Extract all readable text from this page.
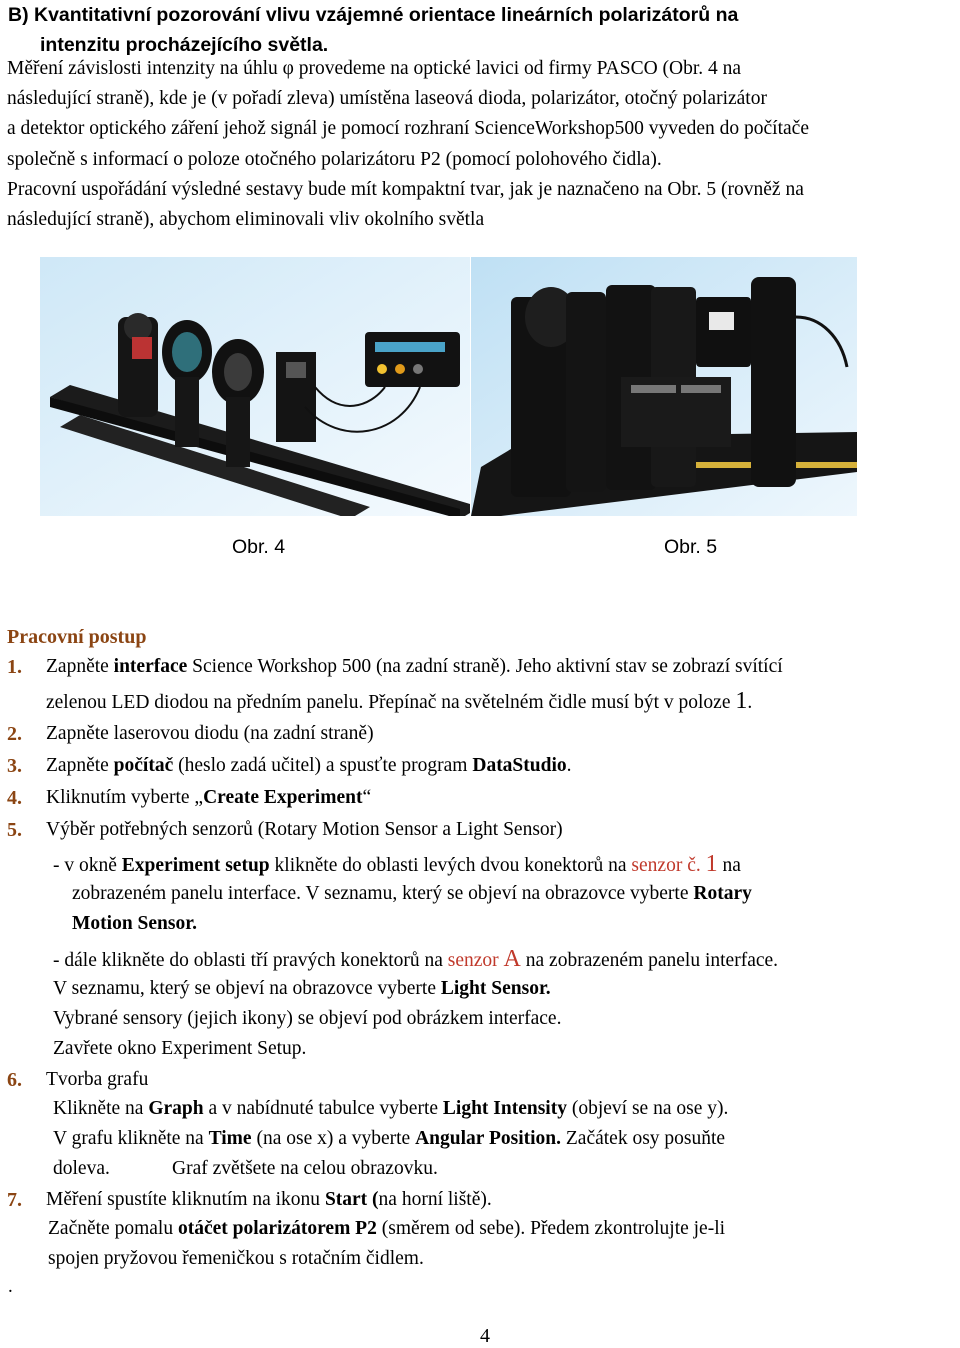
B) Kvantitativní pozorování vlivu vzájemné orientace lineárních polarizátorů na
intenzitu procházejícího světla.

Měření závislosti intenzity na úhlu φ provedeme na optické lavici od firmy PASCO (Obr. 4 na

následující straně), kde je (v pořadí zleva) umístěna laseová dioda, polarizátor, otočný polarizátor

a detektor optického záření jehož signál je pomocí rozhraní ScienceWorkshop500 vyveden do počítače

společně s informací o poloze otočného polarizátoru P2 (pomocí polohového čidla).

Pracovní uspořádání výsledné sestavy bude mít kompaktní tvar, jak je naznačeno na Obr. 5 (rovněž na

následující straně), abychom eliminovali vliv okolního světla

Obr. 4	Obr. 5
Pracovní postup
1. Zapněte interface Science Workshop 500 (na zadní straně). Jeho aktivní stav se zobrazí svítící
zelenou LED diodou na předním panelu. Přepínač na světelném čidle musí být v poloze 1.
2. Zapněte laserovou diodu (na zadní straně)
3. Zapněte počítač (heslo zadá učitel) a spusťte program DataStudio.
4. Kliknutím vyberte „Create Experiment“
5. Výběr potřebných senzorů (Rotary Motion Sensor a Light Sensor)
- v okně Experiment setup klikněte do oblasti levých dvou konektorů na senzor č. 1 na
zobrazeném panelu interface. V seznamu, který se objeví na obrazovce vyberte Rotary
Motion Sensor.
- dále klikněte do oblasti tří pravých konektorů na senzor A na zobrazeném panelu interface.
V seznamu, který se objeví na obrazovce vyberte Light Sensor.
Vybrané sensory (jejich ikony) se objeví pod obrázkem interface.
Zavřete okno Experiment Setup.
6. Tvorba grafu
Klikněte na Graph a v nabídnuté tabulce vyberte Light Intensity (objeví se na ose y).
V grafu klikněte na Time (na ose x) a vyberte Angular Position. Začátek osy posuňte
doleva.	Graf zvětšete na celou obrazovku.
7. Měření spustíte kliknutím na ikonu Start (na horní liště).
Začněte pomalu otáčet polarizátorem P2 (směrem od sebe). Předem zkontrolujte je-li
spojen pryžovou řemeničkou s rotačním čidlem.
.
4
